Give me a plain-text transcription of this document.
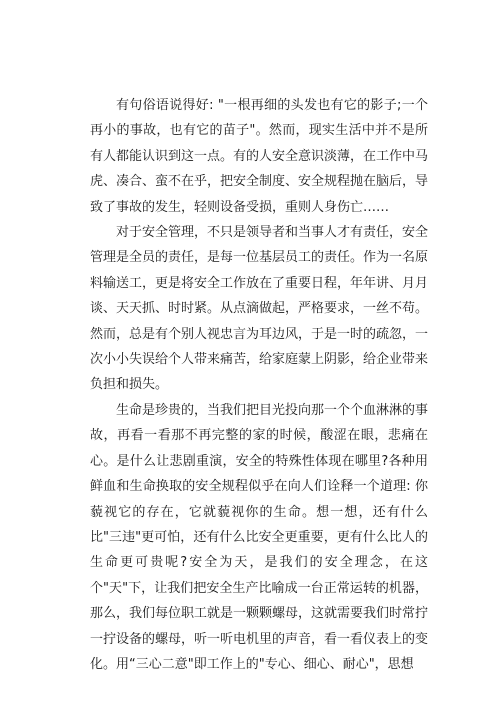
有句俗语说得好: "一根再细的头发也有它的影子;一个再小的事故，也有它的苗子"。然而，现实生活中并不是所有人都能认识到这一点。有的人安全意识淡薄，在工作中马虎、凑合、蛮不在乎，把安全制度、安全规程抛在脑后，导致了事故的发生，轻则设备受损，重则人身伤亡……

对于安全管理，不只是领导者和当事人才有责任，安全管理是全员的责任，是每一位基层员工的责任。作为一名原料输送工，更是将安全工作放在了重要日程，年年讲、月月谈、天天抓、时时紧。从点滴做起，严格要求，一丝不苟。然而，总是有个别人视忠言为耳边风，于是一时的疏忽，一次小小失误给个人带来痛苦，给家庭蒙上阴影，给企业带来负担和损失。

生命是珍贵的，当我们把目光投向那一个个血淋淋的事故，再看一看那不再完整的家的时候，酸涩在眼，悲痛在心。是什么让悲剧重演，安全的特殊性体现在哪里?各种用鲜血和生命换取的安全规程似乎在向人们诠释一个道理: 你藐视它的存在，它就藐视你的生命。想一想，还有什么比"三违"更可怕，还有什么比安全更重要，更有什么比人的生命更可贵呢?安全为天，是我们的安全理念，在这个"天"下，让我们把安全生产比喻成一台正常运转的机器，那么，我们每位职工就是一颗颗螺母，这就需要我们时常拧一拧设备的螺母，听一听电机里的声音，看一看仪表上的变化。用“三心二意"即工作上的"专心、细心、耐心"，思想
